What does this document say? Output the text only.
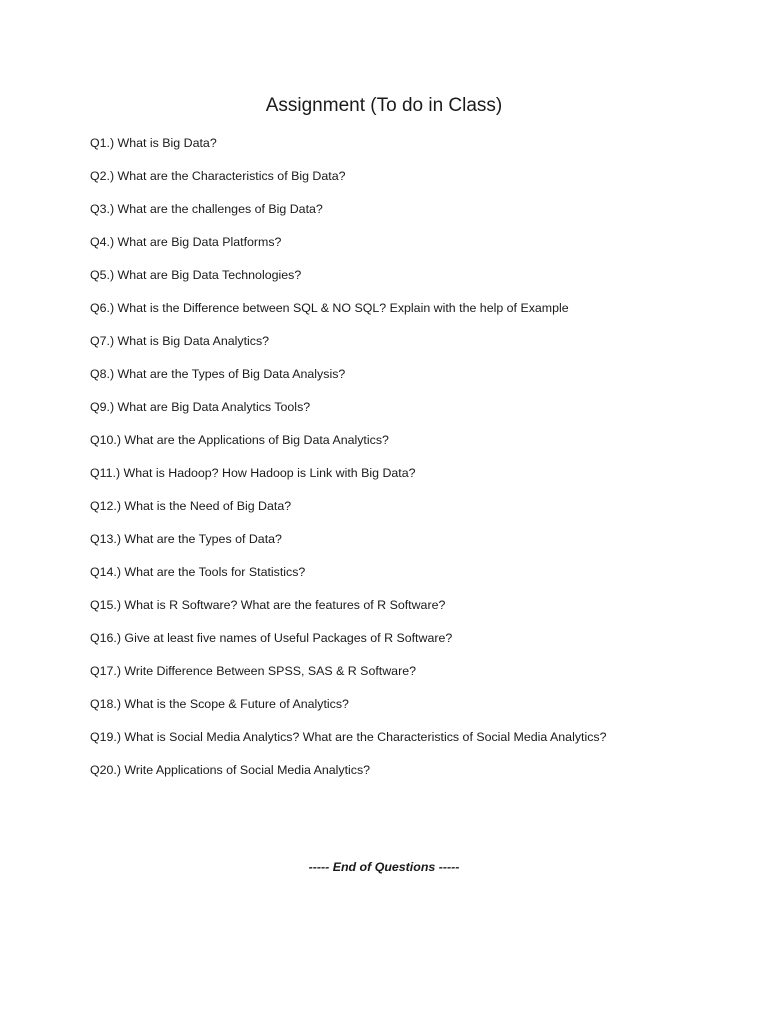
Assignment (To do in Class)
Q1.) What is Big Data?
Q2.) What are the Characteristics of Big Data?
Q3.) What are the challenges of Big Data?
Q4.) What are Big Data Platforms?
Q5.) What are Big Data Technologies?
Q6.) What is the Difference between SQL & NO SQL? Explain with the help of Example
Q7.) What is Big Data Analytics?
Q8.) What are the Types of Big Data Analysis?
Q9.) What are Big Data Analytics Tools?
Q10.) What are the Applications of Big Data Analytics?
Q11.) What is Hadoop? How Hadoop is Link with Big Data?
Q12.) What is the Need of Big Data?
Q13.) What are the Types of Data?
Q14.) What are the Tools for Statistics?
Q15.) What is R Software? What are the features of R Software?
Q16.) Give at least five names of Useful Packages of R Software?
Q17.) Write Difference Between SPSS, SAS & R Software?
Q18.) What is the Scope & Future of Analytics?
Q19.) What is Social Media Analytics? What are the Characteristics of Social Media Analytics?
Q20.) Write Applications of Social Media Analytics?
----- End of Questions -----
